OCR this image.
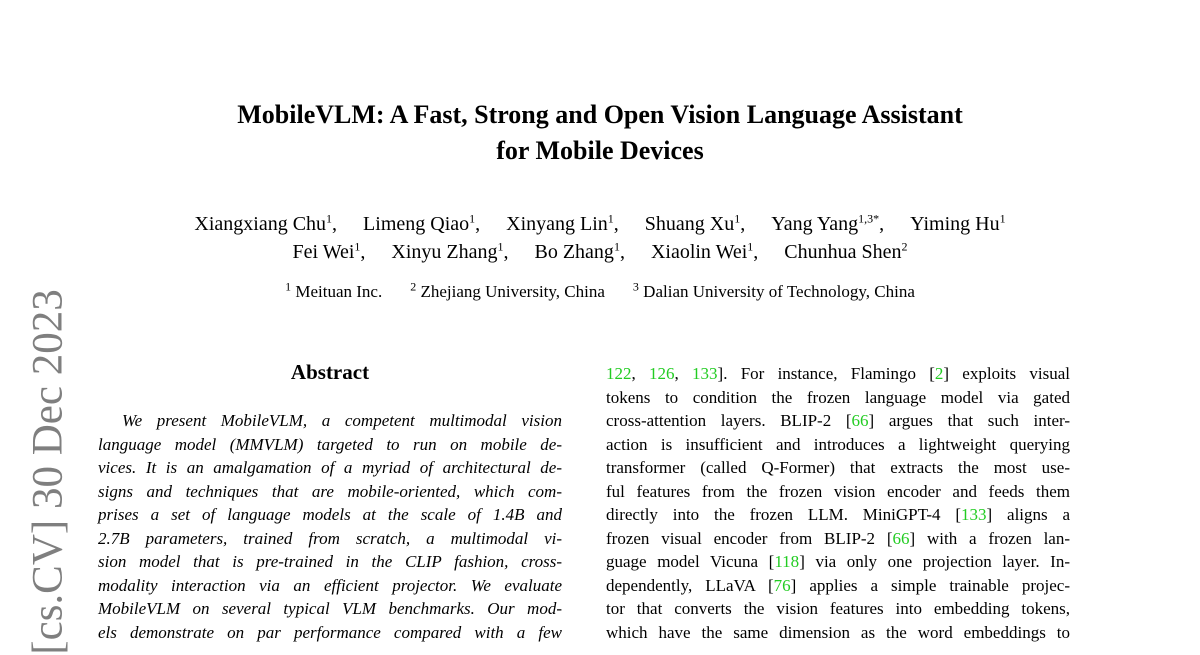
[cs.CV] 30 Dec 2023
MobileVLM: A Fast, Strong and Open Vision Language Assistant
for Mobile Devices
Xiangxiang Chu$^1$, Limeng Qiao$^1$, Xinyang Lin$^1$, Shuang Xu$^1$, Yang Yang$^{1,3*}$, Yiming Hu$^1$
Fei Wei$^1$, Xinyu Zhang$^1$, Bo Zhang$^1$, Xiaolin Wei$^1$, Chunhua Shen$^2$
$^1$ Meituan Inc. $^2$ Zhejiang University, China $^3$ Dalian University of Technology, China
Abstract
We present MobileVLM, a competent multimodal vision
language model (MMVLM) targeted to run on mobile de-
vices. It is an amalgamation of a myriad of architectural de-
signs and techniques that are mobile-oriented, which com-
prises a set of language models at the scale of 1.4B and
2.7B parameters, trained from scratch, a multimodal vi-
sion model that is pre-trained in the CLIP fashion, cross-
modality interaction via an efficient projector. We evaluate
MobileVLM on several typical VLM benchmarks. Our mod-
els demonstrate on par performance compared with a few
122, 126, 133]. For instance, Flamingo [2] exploits visual
tokens to condition the frozen language model via gated
cross-attention layers. BLIP-2 [66] argues that such inter-
action is insufficient and introduces a lightweight querying
transformer (called Q-Former) that extracts the most use-
ful features from the frozen vision encoder and feeds them
directly into the frozen LLM. MiniGPT-4 [133] aligns a
frozen visual encoder from BLIP-2 [66] with a frozen lan-
guage model Vicuna [118] via only one projection layer. In-
dependently, LLaVA [76] applies a simple trainable projec-
tor that converts the vision features into embedding tokens,
which have the same dimension as the word embeddings to
